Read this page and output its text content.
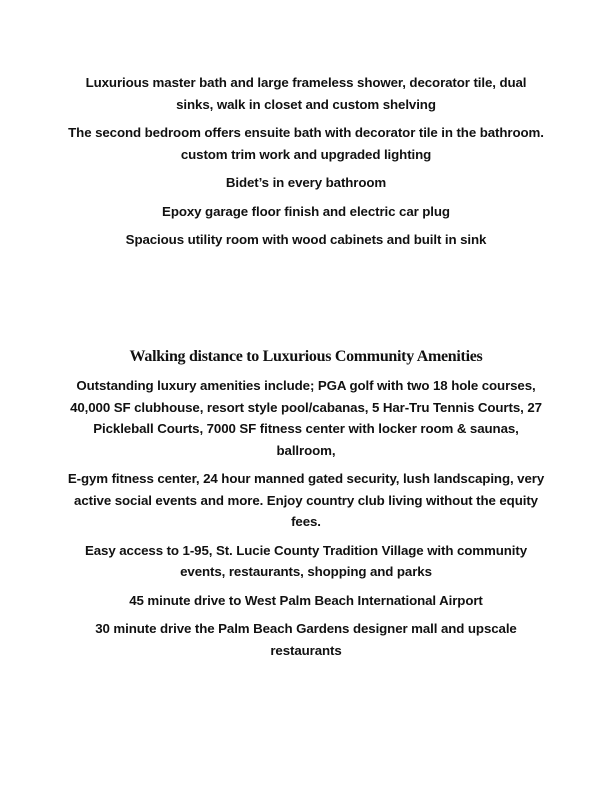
Luxurious master bath and large frameless shower, decorator tile, dual sinks, walk in closet and custom shelving

The second bedroom offers ensuite bath with decorator tile in the bathroom. custom trim work and upgraded lighting

Bidet’s in every bathroom

Epoxy garage floor finish and electric car plug

Spacious utility room with wood cabinets and built in sink

Walking distance to Luxurious Community Amenities

Outstanding luxury amenities include; PGA golf with two 18 hole courses, 40,000 SF clubhouse, resort style pool/cabanas, 5 Har-Tru Tennis Courts, 27 Pickleball Courts, 7000 SF fitness center with locker room & saunas, ballroom,

E-gym fitness center, 24 hour manned gated security, lush landscaping, very active social events and more. Enjoy country club living without the equity fees.

Easy access to 1-95, St. Lucie County Tradition Village with community events, restaurants, shopping and parks

45 minute drive to West Palm Beach International Airport

30 minute drive the Palm Beach Gardens designer mall and upscale restaurants
